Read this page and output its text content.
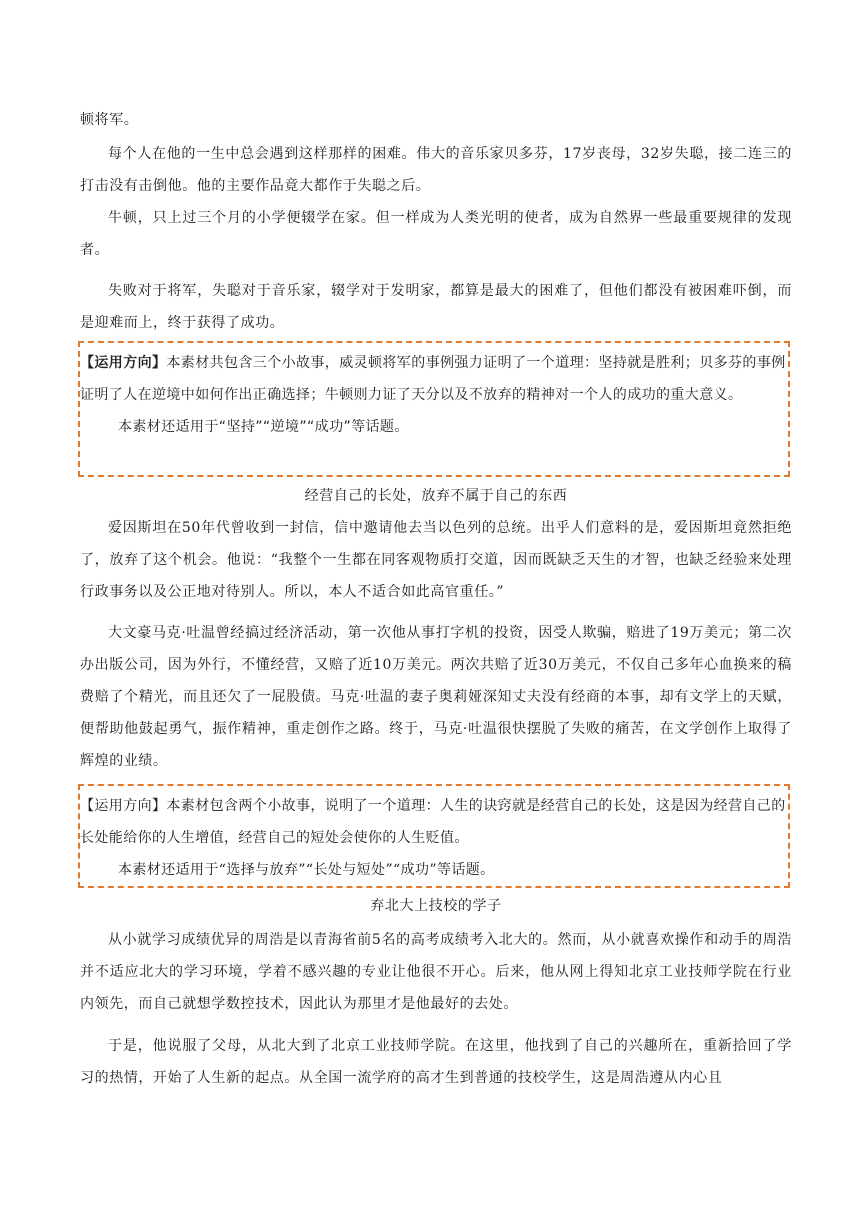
顿将军。

每个人在他的一生中总会遇到这样那样的困难。伟大的音乐家贝多芬，17岁丧母，32岁失聪，接二连三的打击没有击倒他。他的主要作品竟大都作于失聪之后。

牛顿，只上过三个月的小学便辍学在家。但一样成为人类光明的使者，成为自然界一些最重要规律的发现者。

失败对于将军，失聪对于音乐家，辍学对于发明家，都算是最大的困难了，但他们都没有被困难吓倒，而是迎难而上，终于获得了成功。

【运用方向】本素材共包含三个小故事，威灵顿将军的事例强力证明了一个道理：坚持就是胜利；贝多芬的事例证明了人在逆境中如何作出正确选择；牛顿则力证了天分以及不放弃的精神对一个人的成功的重大意义。

本素材还适用于“坚持”“逆境”“成功”等话题。

经营自己的长处，放弃不属于自己的东西

爱因斯坦在50年代曾收到一封信，信中邀请他去当以色列的总统。出乎人们意料的是，爱因斯坦竟然拒绝了，放弃了这个机会。他说：“我整个一生都在同客观物质打交道，因而既缺乏天生的才智，也缺乏经验来处理行政事务以及公正地对待别人。所以，本人不适合如此高官重任。”

大文豪马克·吐温曾经搞过经济活动，第一次他从事打字机的投资，因受人欺骗，赔进了19万美元；第二次办出版公司，因为外行，不懂经营，又赔了近10万美元。两次共赔了近30万美元，不仅自己多年心血换来的稿费赔了个精光，而且还欠了一屁股债。马克·吐温的妻子奥莉娅深知丈夫没有经商的本事，却有文学上的天赋，便帮助他鼓起勇气，振作精神，重走创作之路。终于，马克·吐温很快摆脱了失败的痛苦，在文学创作上取得了辉煌的业绩。

【运用方向】本素材包含两个小故事，说明了一个道理：人生的诀窍就是经营自己的长处，这是因为经营自己的长处能给你的人生增值，经营自己的短处会使你的人生贬值。

本素材还适用于“选择与放弃”“长处与短处”“成功”等话题。

弃北大上技校的学子

从小就学习成绩优异的周浩是以青海省前5名的高考成绩考入北大的。然而，从小就喜欢操作和动手的周浩并不适应北大的学习环境，学着不感兴趣的专业让他很不开心。后来，他从网上得知北京工业技师学院在行业内领先，而自己就想学数控技术，因此认为那里才是他最好的去处。

于是，他说服了父母，从北大到了北京工业技师学院。在这里，他找到了自己的兴趣所在，重新拾回了学习的热情，开始了人生新的起点。从全国一流学府的高才生到普通的技校学生，这是周浩遵从内心且
